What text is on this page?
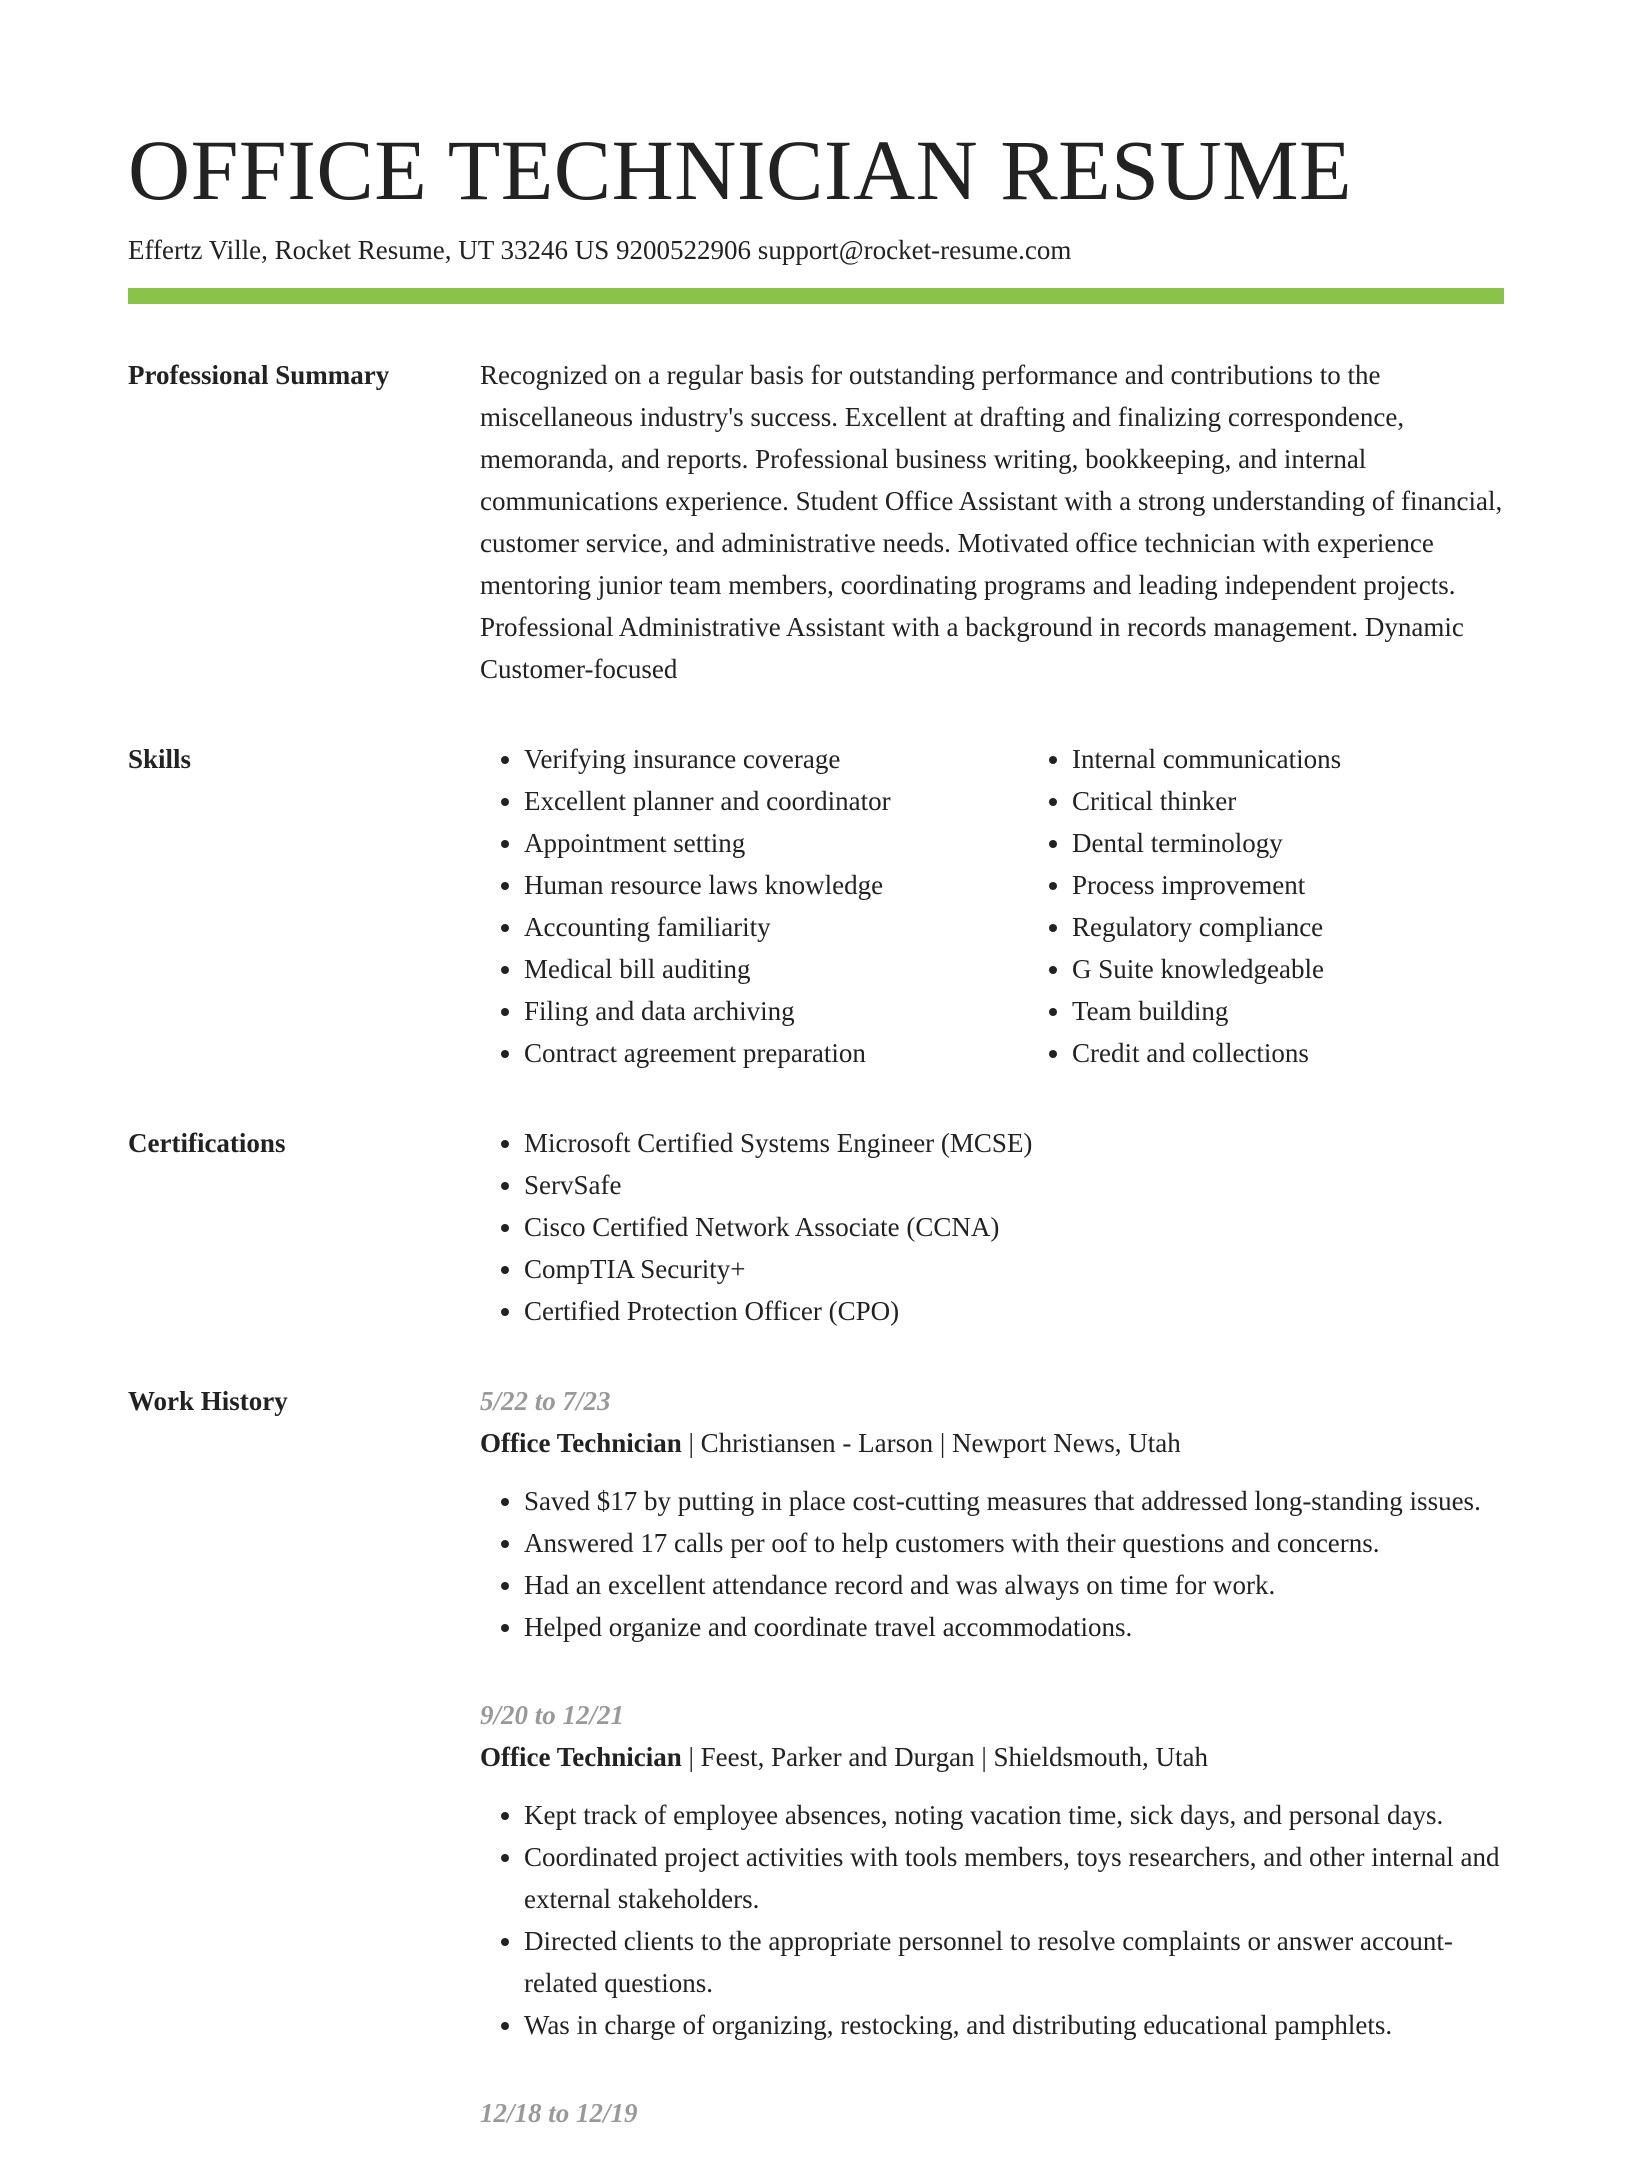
OFFICE TECHNICIAN RESUME
Effertz Ville, Rocket Resume, UT 33246 US 9200522906 support@rocket-resume.com
Professional Summary	Recognized on a regular basis for outstanding performance and contributions to the miscellaneous industry's success. Excellent at drafting and finalizing correspondence, memoranda, and reports. Professional business writing, bookkeeping, and internal communications experience. Student Office Assistant with a strong understanding of financial, customer service, and administrative needs. Motivated office technician with experience mentoring junior team members, coordinating programs and leading independent projects. Professional Administrative Assistant with a background in records management. Dynamic Customer-focused

Skills	• Verifying insurance coverage
• Excellent planner and coordinator
• Appointment setting
• Human resource laws knowledge
• Accounting familiarity
• Medical bill auditing
• Filing and data archiving
• Contract agreement preparation
• Internal communications
• Critical thinker
• Dental terminology
• Process improvement
• Regulatory compliance
• G Suite knowledgeable
• Team building
• Credit and collections
Certifications	• Microsoft Certified Systems Engineer (MCSE)
• ServSafe
• Cisco Certified Network Associate (CCNA)
• CompTIA Security+
• Certified Protection Officer (CPO)
Work History	5/22 to 7/23
Office Technician | Christiansen - Larson | Newport News, Utah
• Saved $17 by putting in place cost-cutting measures that addressed long-standing issues.
• Answered 17 calls per oof to help customers with their questions and concerns.
• Had an excellent attendance record and was always on time for work.
• Helped organize and coordinate travel accommodations.
9/20 to 12/21
Office Technician | Feest, Parker and Durgan | Shieldsmouth, Utah
• Kept track of employee absences, noting vacation time, sick days, and personal days.
• Coordinated project activities with tools members, toys researchers, and other internal and external stakeholders.
• Directed clients to the appropriate personnel to resolve complaints or answer account-related questions.
• Was in charge of organizing, restocking, and distributing educational pamphlets.
12/18 to 12/19
